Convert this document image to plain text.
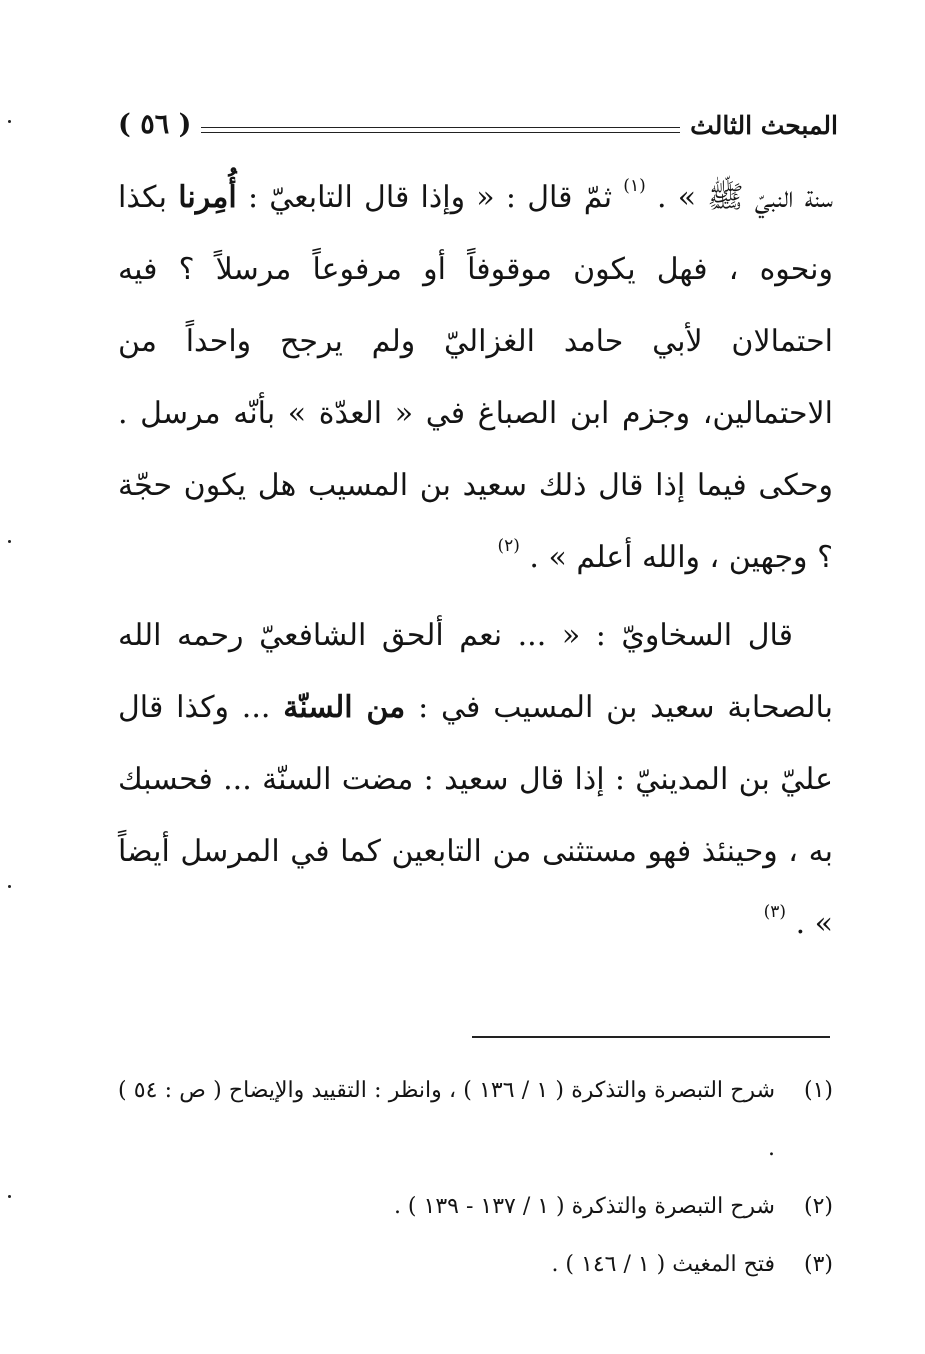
المبحث الثالث
( ٥٦ )

سنة النبيّ ﷺ » . $^{(١)}$ ثمّ قال : « وإذا قال التابعيّ : أُمِرنا بكذا ونحوه ، فهل يكون موقوفاً أو مرفوعاً مرسلاً ؟ فيه احتمالان لأبي حامد الغزاليّ ولم يرجح واحداً من الاحتمالين، وجزم ابن الصباغ في « العدّة » بأنّه مرسل . وحكى فيما إذا قال ذلك سعيد بن المسيب هل يكون حجّة ؟ وجهين ، والله أعلم » . $^{(٢)}$

قال السخاويّ : « ... نعم ألحق الشافعيّ رحمه الله بالصحابة سعيد بن المسيب في : من السنّة ... وكذا قال عليّ بن المدينيّ : إذا قال سعيد : مضت السنّة ... فحسبك به ، وحينئذ فهو مستثنى من التابعين كما في المرسل أيضاً » . $^{(٣)}$

(١)
شرح التبصرة والتذكرة ( ١ / ١٣٦ ) ، وانظر : التقييد والإيضاح ( ص : ٥٤ ) .
(٢)
شرح التبصرة والتذكرة ( ١ / ١٣٧ - ١٣٩ ) .
(٣)
فتح المغيث ( ١ / ١٤٦ ) .
